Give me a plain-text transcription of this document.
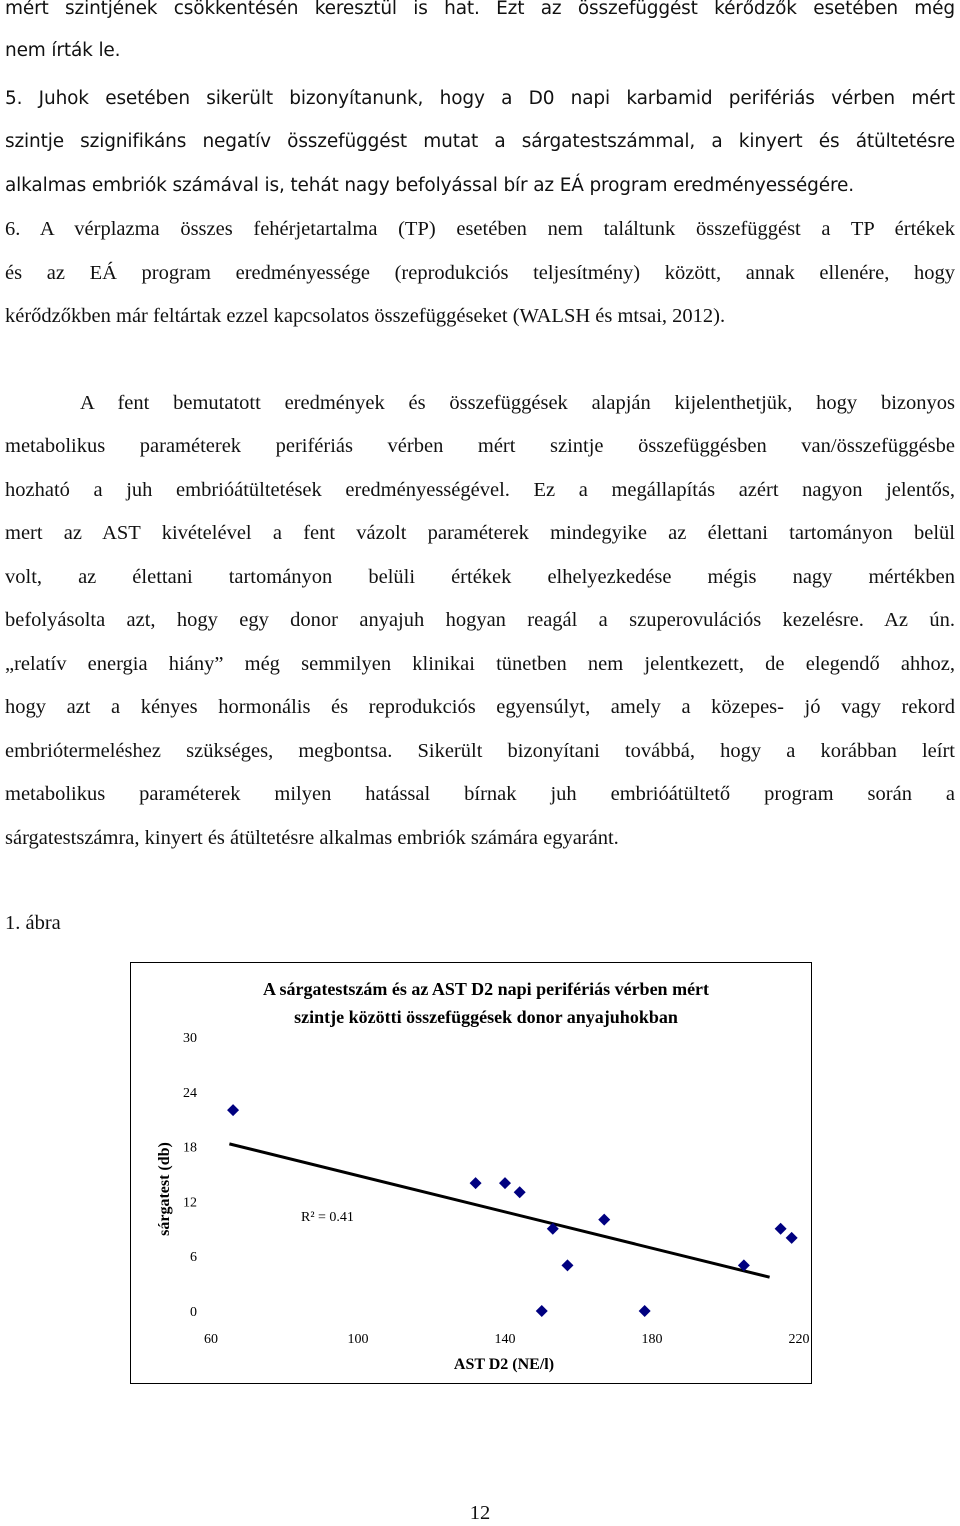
mért szintjének csökkentésén keresztül is hat. Ezt az összefüggést kérődzők esetében még
nem írták le.
5. Juhok esetében sikerült bizonyítanunk, hogy a D0 napi karbamid perifériás vérben mért
szintje szignifikáns negatív összefüggést mutat a sárgatestszámmal, a kinyert és átültetésre
alkalmas embriók számával is, tehát nagy befolyással bír az EÁ program eredményességére.
6. A vérplazma összes fehérjetartalma (TP) esetében nem találtunk összefüggést a TP értékek
és az EÁ program eredményessége (reprodukciós teljesítmény) között, annak ellenére, hogy
kérődzőkben már feltártak ezzel kapcsolatos összefüggéseket (WALSH és mtsai, 2012).
A fent bemutatott eredmények és összefüggések alapján kijelenthetjük, hogy bizonyos
metabolikus paraméterek perifériás vérben mért szintje összefüggésben van/összefüggésbe
hozható a juh embrióátültetések eredményességével. Ez a megállapítás azért nagyon jelentős,
mert az AST kivételével a fent vázolt paraméterek mindegyike az élettani tartományon belül
volt, az élettani tartományon belüli értékek elhelyezkedése mégis nagy mértékben
befolyásolta azt, hogy egy donor anyajuh hogyan reagál a szuperovulációs kezelésre. Az ún.
„relatív energia hiány” még semmilyen klinikai tünetben nem jelentkezett, de elegendő ahhoz,
hogy azt a kényes hormonális és reprodukciós egyensúlyt, amely a közepes- jó vagy rekord
embriótermeléshez szükséges, megbontsa. Sikerült bizonyítani továbbá, hogy a korábban leírt
metabolikus paraméterek milyen hatással bírnak juh embrióátültető program során a
sárgatestszámra, kinyert és átültetésre alkalmas embriók számára egyaránt.
1. ábra
A sárgatestszám és az AST D2 napi perifériás vérben mért
szintje közötti összefüggések donor anyajuhokban
sárgatest (db)
AST D2 (NE/l)
R² = 0.41
0
6
12
18
24
30
60	100	140	180	220
12
